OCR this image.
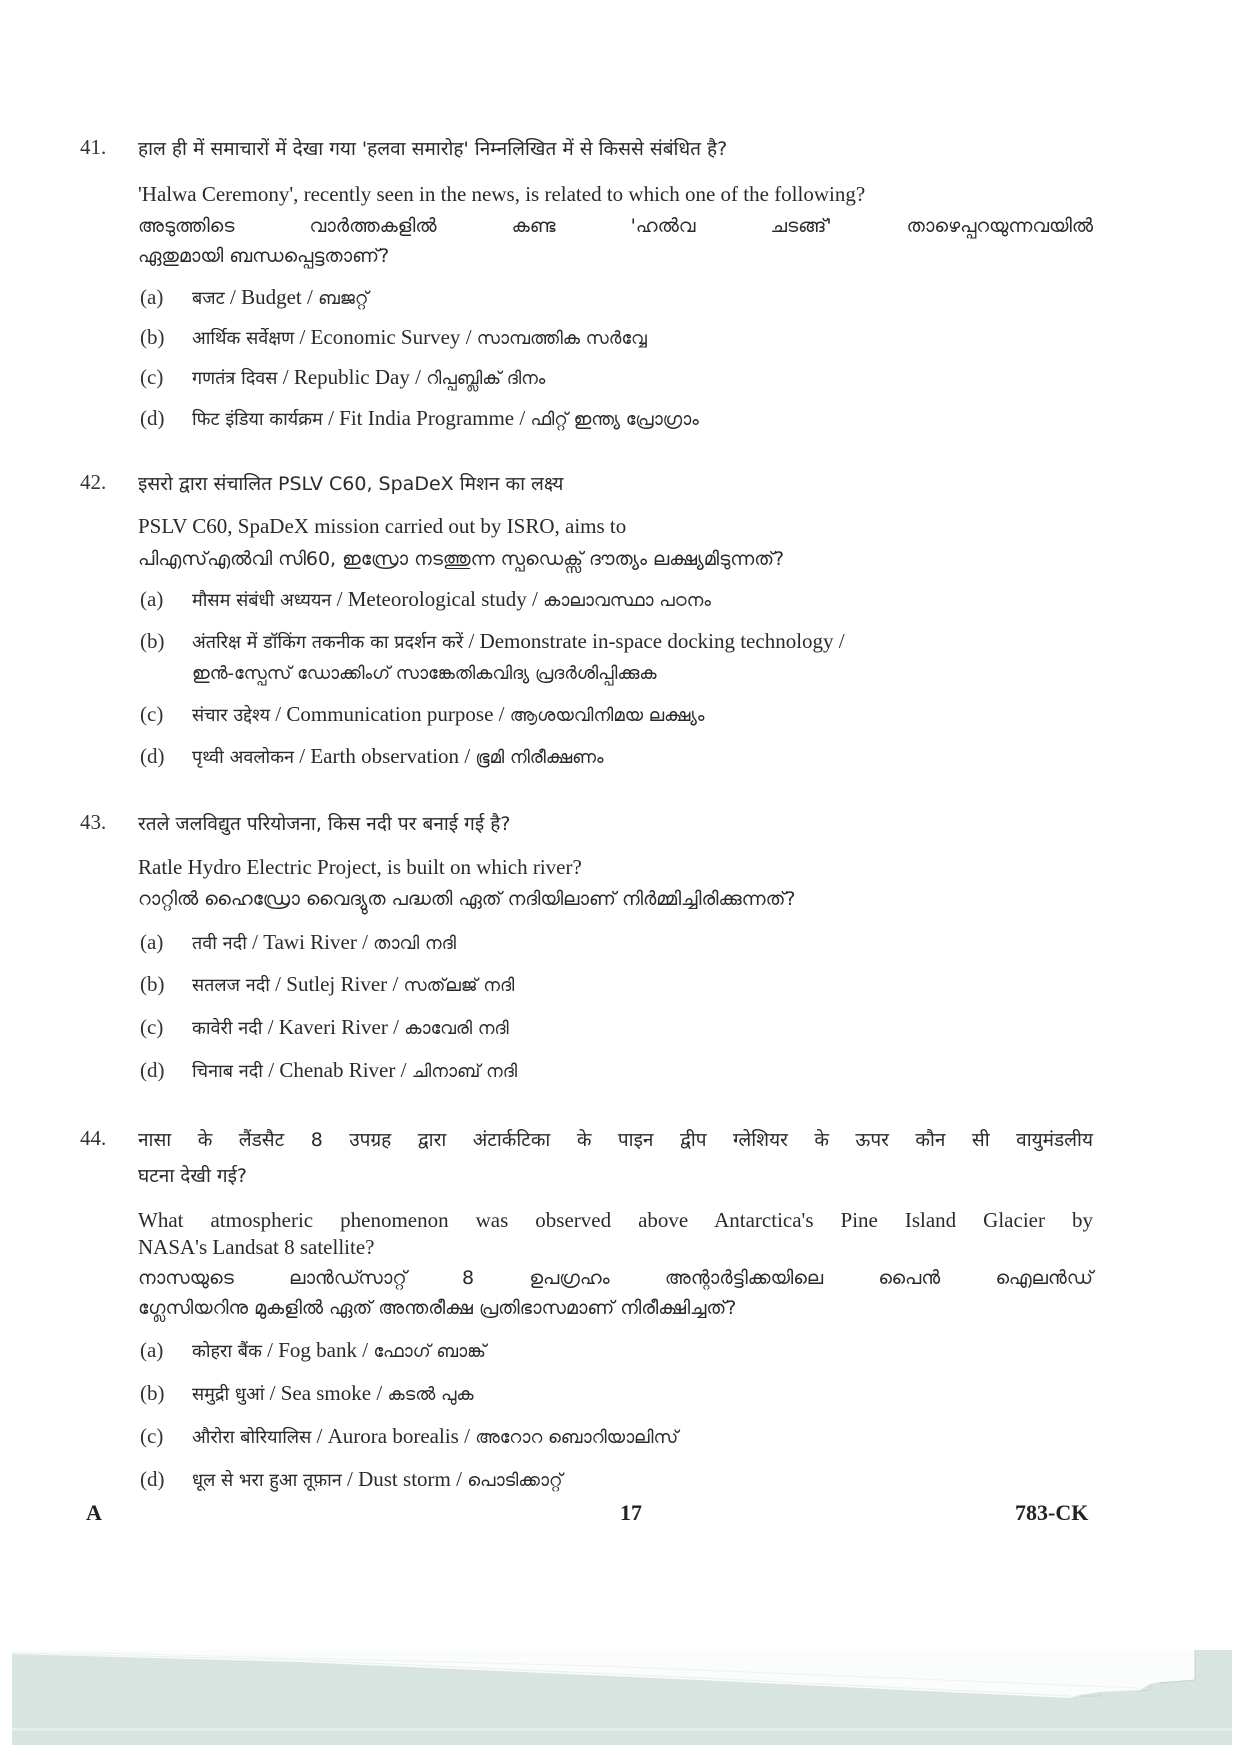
41. हाल ही में समाचारों में देखा गया 'हलवा समारोह' निम्नलिखित में से किससे संबंधित है?
'Halwa Ceremony', recently seen in the news, is related to which one of the following?
അടുത്തിടെ വാർത്തകളിൽ കണ്ട 'ഹൽവ ചടങ്ങ്' താഴെപ്പറയുന്നവയിൽ
ഏതുമായി ബന്ധപ്പെട്ടതാണ്?
(a) बजट / Budget / ബജറ്റ്
(b) आर्थिक सर्वेक्षण / Economic Survey / സാമ്പത്തിക സർവ്വേ
(c) गणतंत्र दिवस / Republic Day / റിപ്പബ്ലിക് ദിനം
(d) फिट इंडिया कार्यक्रम / Fit India Programme / ഫിറ്റ് ഇന്ത്യ പ്രോഗ്രാം
42. इसरो द्वारा संचालित PSLV C60, SpaDeX मिशन का लक्ष्य
PSLV C60, SpaDeX mission carried out by ISRO, aims to
പിഎസ്എൽവി സി60, ഇസ്രോ നടത്തുന്ന സ്പഡെക്സ് ദൗത്യം ലക്ഷ്യമിടുന്നത്?
(a) मौसम संबंधी अध्ययन / Meteorological study / കാലാവസ്ഥാ പഠനം
(b) अंतरिक्ष में डॉकिंग तकनीक का प्रदर्शन करें / Demonstrate in-space docking technology /
ഇൻ-സ്പേസ് ഡോക്കിംഗ് സാങ്കേതികവിദ്യ പ്രദർശിപ്പിക്കുക
(c) संचार उद्देश्य / Communication purpose / ആശയവിനിമയ ലക്ഷ്യം
(d) पृथ्वी अवलोकन / Earth observation / ഭൂമി നിരീക്ഷണം
43. रतले जलविद्युत परियोजना, किस नदी पर बनाई गई है?
Ratle Hydro Electric Project, is built on which river?
റാറ്റിൽ ഹൈഡ്രോ വൈദ്യുത പദ്ധതി ഏത് നദിയിലാണ് നിർമ്മിച്ചിരിക്കുന്നത്?
(a) तवी नदी / Tawi River / താവി നദി
(b) सतलज नदी / Sutlej River / സത്‌ലജ് നദി
(c) कावेरी नदी / Kaveri River / കാവേരി നദി
(d) चिनाब नदी / Chenab River / ചിനാബ് നദി
44. नासा के लैंडसैट 8 उपग्रह द्वारा अंटार्कटिका के पाइन द्वीप ग्लेशियर के ऊपर कौन सी वायुमंडलीय
घटना देखी गई?
What atmospheric phenomenon was observed above Antarctica's Pine Island Glacier by
NASA's Landsat 8 satellite?
നാസയുടെ ലാൻഡ്സാറ്റ് 8 ഉപഗ്രഹം അന്റാർട്ടിക്കയിലെ പൈൻ ഐലൻഡ്
ഗ്ലേസിയറിനു മുകളിൽ ഏത് അന്തരീക്ഷ പ്രതിഭാസമാണ് നിരീക്ഷിച്ചത്?
(a) कोहरा बैंक / Fog bank / ഫോഗ് ബാങ്ക്
(b) समुद्री धुआं / Sea smoke / കടൽ പുക
(c) औरोरा बोरियालिस / Aurora borealis / അറോറ ബൊറിയാലിസ്
(d) धूल से भरा हुआ तूफ़ान / Dust storm / പൊടിക്കാറ്റ്
A	17	783-CK
